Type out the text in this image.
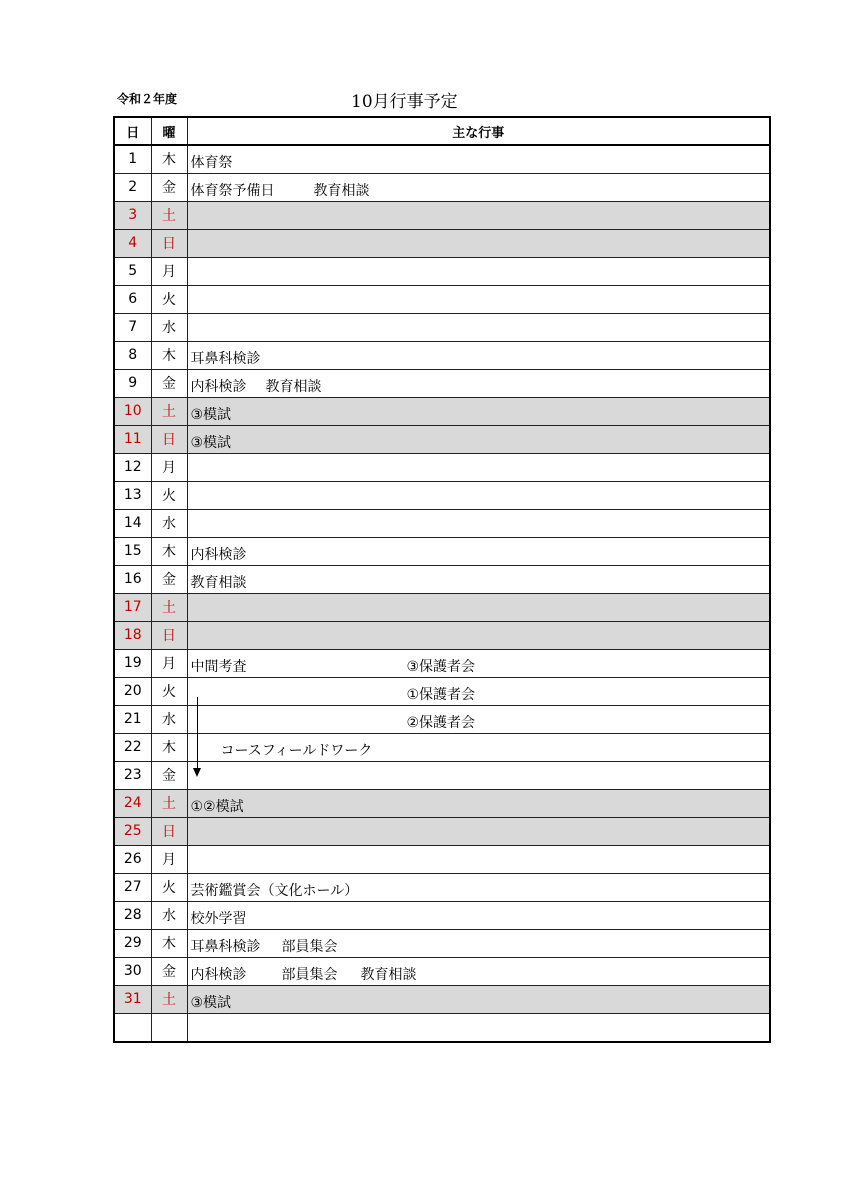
令和２年度	10月行事予定
日	曜	主な行事
1	木	体育祭

2	金	体育祭予備日 教育相談

3	土	
4	日	
5	月	
6	火	
7	水	
8	木	耳鼻科検診

9	金	内科検診 教育相談

10	土	③模試

11	日	③模試

12	月	
13	火	
14	水	
15	木	内科検診

16	金	教育相談

17	土	
18	日	
19	月	中間考査 ③保護者会

20	火	①保護者会

21	水	②保護者会

22	木	コースフィールドワーク

23	金	
24	土	①②模試

25	日	
26	月	
27	火	芸術鑑賞会（文化ホール）

28	水	校外学習

29	木	耳鼻科検診 部員集会

30	金	内科検診 部員集会 教育相談

31	土	③模試
